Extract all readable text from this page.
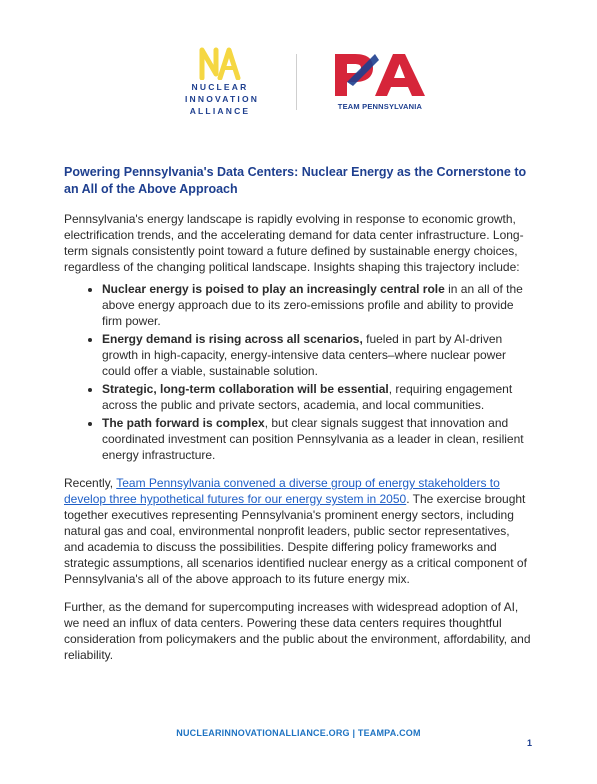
NUCLEAR
INNOVATION
ALLIANCE	TEAM PENNSYLVANIA
Powering Pennsylvania's Data Centers: Nuclear Energy as the Cornerstone to an All of the Above Approach

Pennsylvania's energy landscape is rapidly evolving in response to economic growth, electrification trends, and the accelerating demand for data center infrastructure. Long-term signals consistently point toward a future defined by sustainable energy choices, regardless of the changing political landscape. Insights shaping this trajectory include:

• Nuclear energy is poised to play an increasingly central role in an all of the above energy approach due to its zero-emissions profile and ability to provide firm power.
• Energy demand is rising across all scenarios, fueled in part by AI-driven growth in high-capacity, energy-intensive data centers–where nuclear power could offer a viable, sustainable solution.
• Strategic, long-term collaboration will be essential, requiring engagement across the public and private sectors, academia, and local communities.
• The path forward is complex, but clear signals suggest that innovation and coordinated investment can position Pennsylvania as a leader in clean, resilient energy infrastructure.

Recently, Team Pennsylvania convened a diverse group of energy stakeholders to develop three hypothetical futures for our energy system in 2050. The exercise brought together executives representing Pennsylvania's prominent energy sectors, including natural gas and coal, environmental nonprofit leaders, public sector representatives, and academia to discuss the possibilities. Despite differing policy frameworks and strategic assumptions, all scenarios identified nuclear energy as a critical component of Pennsylvania's all of the above approach to its future energy mix.

Further, as the demand for supercomputing increases with widespread adoption of AI, we need an influx of data centers. Powering these data centers requires thoughtful consideration from policymakers and the public about the environment, affordability, and reliability.

NUCLEARINNOVATIONALLIANCE.ORG | TEAMPA.COM
1
